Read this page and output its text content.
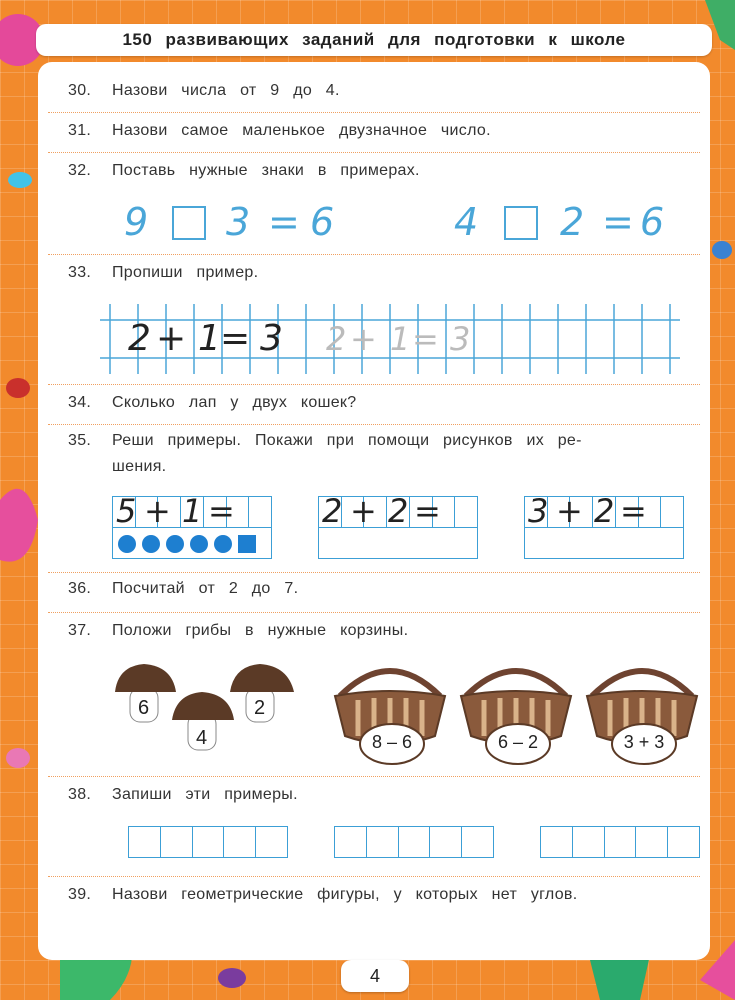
150 развивающих заданий для подготовки к школе
30. Назови числа от 9 до 4.
31. Назови самое маленькое двузначное число.
32. Поставь нужные знаки в примерах.
9 3 = 6	4 2 = 6
33. Пропиши пример.
2 + 1 = 3 2 + 1 = 3
34. Сколько лап у двух кошек?
35. Реши примеры. Покажи при помощи рисунков их ре-
шения.
5 + 1 =	2 + 2 =	3 + 2 =
36. Посчитай от 2 до 7.
37. Положи грибы в нужные корзины.
6
4
2
8 – 6	6 – 2	3 + 3
38. Запиши эти примеры.
39. Назови геометрические фигуры, у которых нет углов.
4
